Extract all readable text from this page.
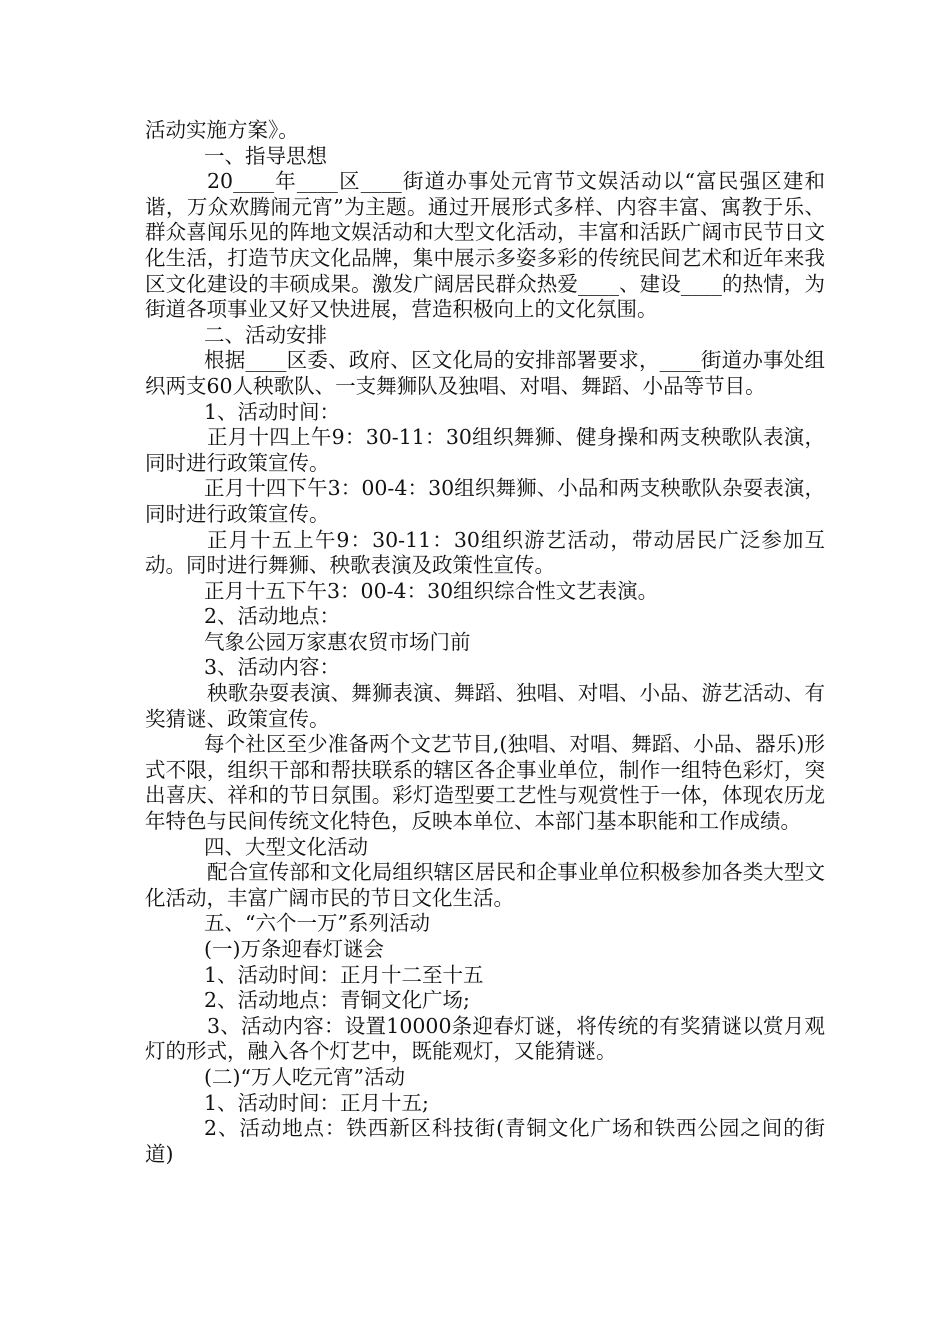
活动实施方案》。

一、指导思想

20____年____区____街道办事处元宵节文娱活动以“富民强区建和谐，万众欢腾闹元宵”为主题。通过开展形式多样、内容丰富、寓教于乐、群众喜闻乐见的阵地文娱活动和大型文化活动，丰富和活跃广阔市民节日文化生活，打造节庆文化品牌，集中展示多姿多彩的传统民间艺术和近年来我区文化建设的丰硕成果。激发广阔居民群众热爱____、建设____的热情，为街道各项事业又好又快进展，营造积极向上的文化氛围。

二、活动安排

根据____区委、政府、区文化局的安排部署要求，____街道办事处组织两支60人秧歌队、一支舞狮队及独唱、对唱、舞蹈、小品等节目。

1、活动时间：

正月十四上午9：30-11：30组织舞狮、健身操和两支秧歌队表演，同时进行政策宣传。

正月十四下午3：00-4：30组织舞狮、小品和两支秧歌队杂耍表演，同时进行政策宣传。

正月十五上午9：30-11：30组织游艺活动，带动居民广泛参加互动。同时进行舞狮、秧歌表演及政策性宣传。

正月十五下午3：00-4：30组织综合性文艺表演。

2、活动地点：

气象公园万家惠农贸市场门前

3、活动内容：

秧歌杂耍表演、舞狮表演、舞蹈、独唱、对唱、小品、游艺活动、有奖猜谜、政策宣传。

每个社区至少准备两个文艺节目,(独唱、对唱、舞蹈、小品、器乐)形式不限，组织干部和帮扶联系的辖区各企事业单位，制作一组特色彩灯，突出喜庆、祥和的节日氛围。彩灯造型要工艺性与观赏性于一体，体现农历龙年特色与民间传统文化特色，反映本单位、本部门基本职能和工作成绩。

四、大型文化活动

配合宣传部和文化局组织辖区居民和企事业单位积极参加各类大型文化活动，丰富广阔市民的节日文化生活。

五、“六个一万”系列活动

(一)万条迎春灯谜会

1、活动时间：正月十二至十五

2、活动地点：青铜文化广场;

3、活动内容：设置10000条迎春灯谜，将传统的有奖猜谜以赏月观灯的形式，融入各个灯艺中，既能观灯，又能猜谜。

(二)“万人吃元宵”活动

1、活动时间：正月十五;

2、活动地点：铁西新区科技街(青铜文化广场和铁西公园之间的街道)
